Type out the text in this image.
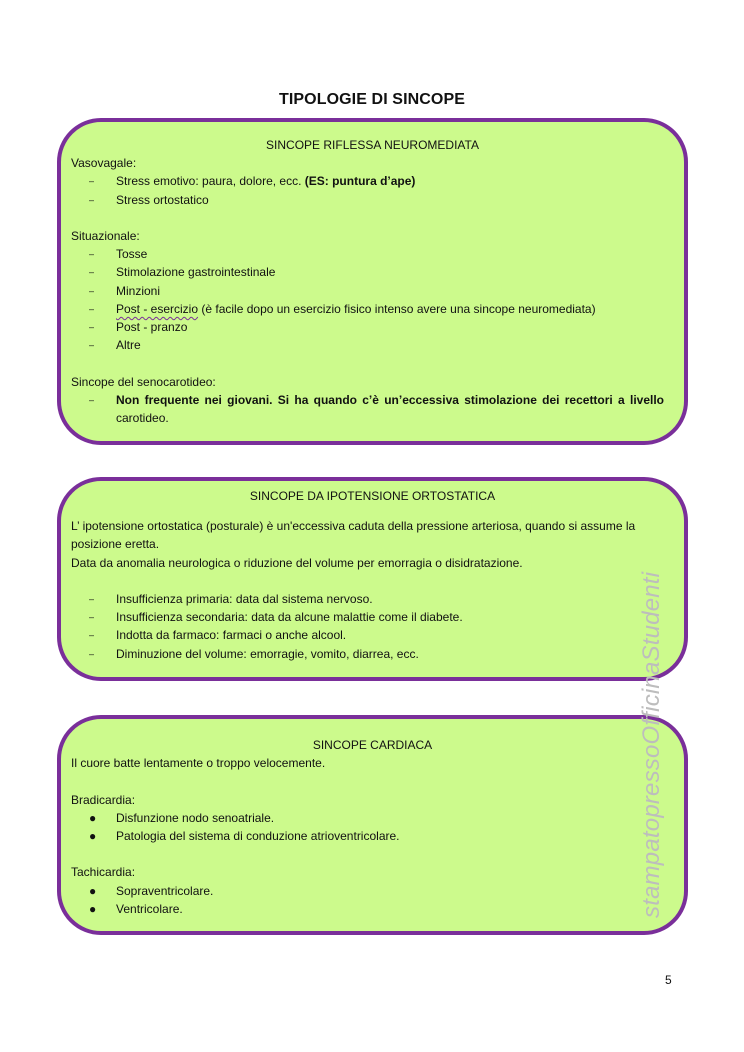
TIPOLOGIE DI SINCOPE
SINCOPE RIFLESSA NEUROMEDIATA
Vasovagale:
– Stress emotivo: paura, dolore, ecc. (ES: puntura d’ape)
– Stress ortostatico
Situazionale:
– Tosse
– Stimolazione gastrointestinale
– Minzioni
– Post - esercizio (è facile dopo un esercizio fisico intenso avere una sincope neuromediata)
– Post - pranzo
– Altre
Sincope del senocarotideo:
– Non frequente nei giovani. Si ha quando c’è un’eccessiva stimolazione dei recettori a livello
carotideo.
SINCOPE DA IPOTENSIONE ORTOSTATICA
L’ ipotensione ortostatica (posturale) è un'eccessiva caduta della pressione arteriosa, quando si assume la
posizione eretta.
Data da anomalia neurologica o riduzione del volume per emorragia o disidratazione.
– Insufficienza primaria: data dal sistema nervoso.
– Insufficienza secondaria: data da alcune malattie come il diabete.
– Indotta da farmaco: farmaci o anche alcool.
– Diminuzione del volume: emorragie, vomito, diarrea, ecc.
SINCOPE CARDIACA
Il cuore batte lentamente o troppo velocemente.
Bradicardia:
● Disfunzione nodo senoatriale.
● Patologia del sistema di conduzione atrioventricolare.
Tachicardia:
● Sopraventricolare.
● Ventricolare.	stampatopressoOfficinaStudenti
5
